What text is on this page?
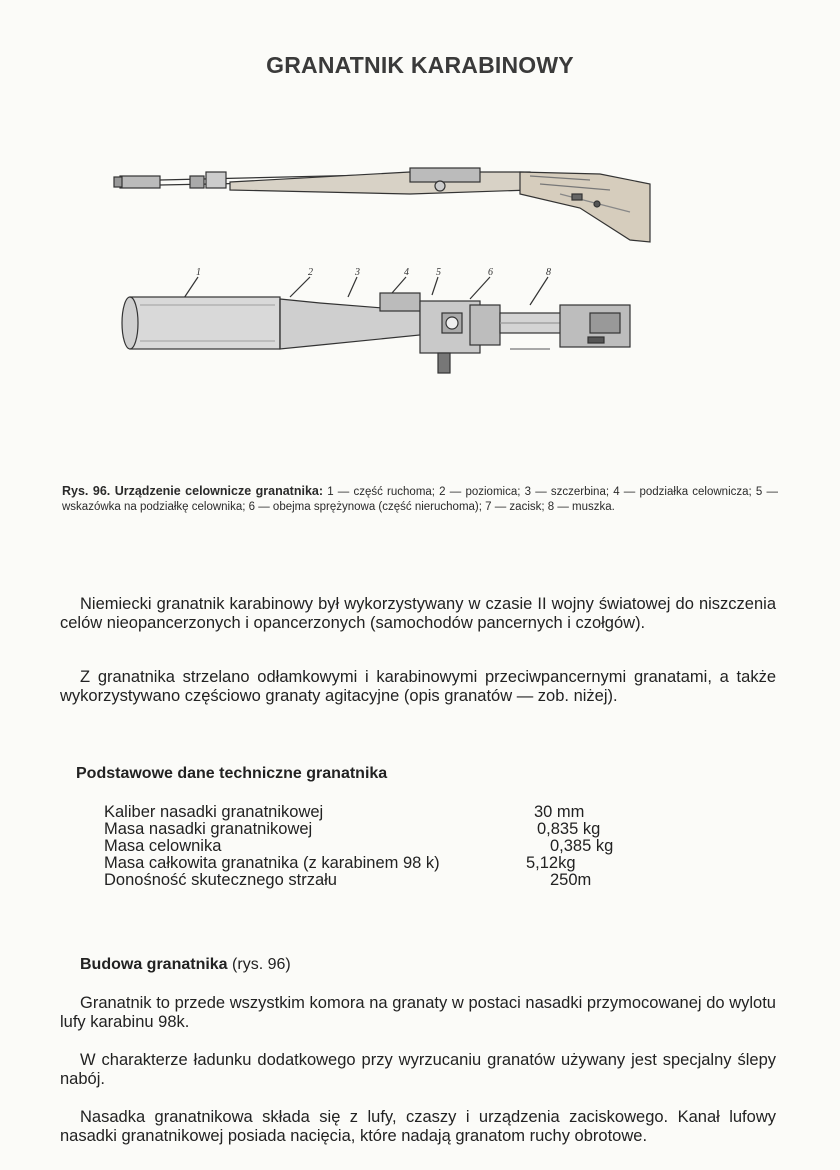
GRANATNIK KARABINOWY
1	2	3	4	5	6	8
Rys. 96. Urządzenie celownicze granatnika: 1 — część ruchoma; 2 — poziomica; 3 — szczerbina; 4 — podziałka celownicza; 5 — wskazówka na podziałkę celownika; 6 — obejma sprężynowa (część nieruchoma); 7 — zacisk; 8 — muszka.
Niemiecki granatnik karabinowy był wykorzystywany w czasie II wojny światowej do niszczenia celów nieopancerzonych i opancerzonych (samochodów pancernych i czołgów).
Z granatnika strzelano odłamkowymi i karabinowymi przeciwpancernymi granatami, a także wykorzystywano częściowo granaty agitacyjne (opis granatów — zob. niżej).
Podstawowe dane techniczne granatnika
Kaliber nasadki granatnikowej	30 mm
Masa nasadki granatnikowej	0,835 kg
Masa celownika	0,385 kg
Masa całkowita granatnika (z karabinem 98 k)	5,12kg
Donośność skutecznego strzału	250m
Budowa granatnika (rys. 96)
Granatnik to przede wszystkim komora na granaty w postaci nasadki przymocowanej do wylotu lufy karabinu 98k.
W charakterze ładunku dodatkowego przy wyrzucaniu granatów używany jest specjalny ślepy nabój.
Nasadka granatnikowa składa się z lufy, czaszy i urządzenia zaciskowego. Kanał lufowy nasadki granatnikowej posiada nacięcia, które nadają granatom ruchy obrotowe.
